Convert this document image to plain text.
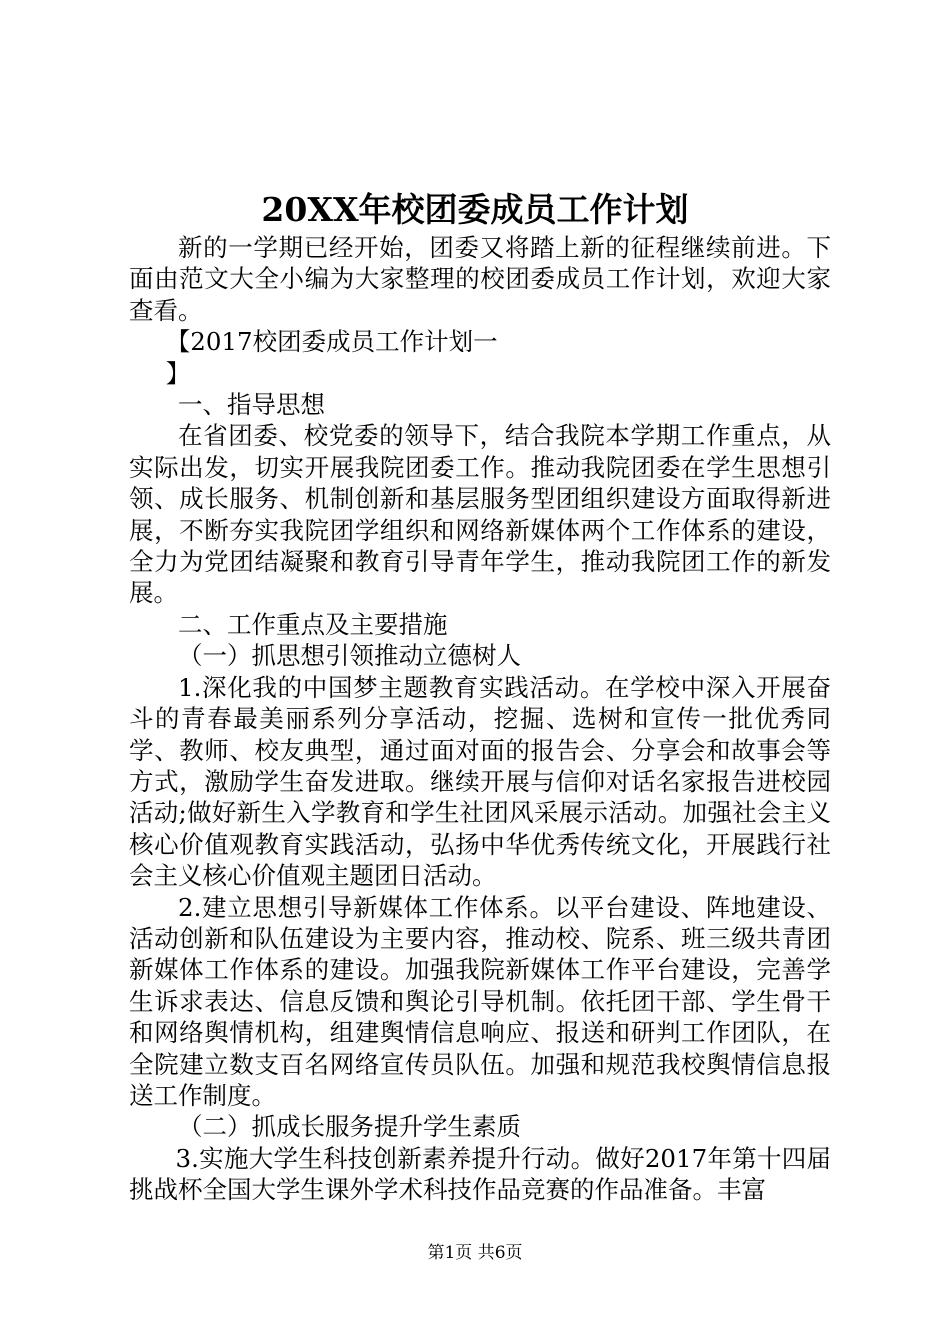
20XX年校团委成员工作计划

新的一学期已经开始，团委又将踏上新的征程继续前进。下面由范文大全小编为大家整理的校团委成员工作计划，欢迎大家查看。

【2017校团委成员工作计划一

】

一、指导思想

在省团委、校党委的领导下，结合我院本学期工作重点，从实际出发，切实开展我院团委工作。推动我院团委在学生思想引领、成长服务、机制创新和基层服务型团组织建设方面取得新进展，不断夯实我院团学组织和网络新媒体两个工作体系的建设，全力为党团结凝聚和教育引导青年学生，推动我院团工作的新发展。

二、工作重点及主要措施

（一）抓思想引领推动立德树人

1.深化我的中国梦主题教育实践活动。在学校中深入开展奋斗的青春最美丽系列分享活动，挖掘、选树和宣传一批优秀同学、教师、校友典型，通过面对面的报告会、分享会和故事会等方式，激励学生奋发进取。继续开展与信仰对话名家报告进校园活动;做好新生入学教育和学生社团风采展示活动。加强社会主义核心价值观教育实践活动，弘扬中华优秀传统文化，开展践行社会主义核心价值观主题团日活动。

2.建立思想引导新媒体工作体系。以平台建设、阵地建设、活动创新和队伍建设为主要内容，推动校、院系、班三级共青团新媒体工作体系的建设。加强我院新媒体工作平台建设，完善学生诉求表达、信息反馈和舆论引导机制。依托团干部、学生骨干和网络舆情机构，组建舆情信息响应、报送和研判工作团队，在全院建立数支百名网络宣传员队伍。加强和规范我校舆情信息报送工作制度。

（二）抓成长服务提升学生素质

3.实施大学生科技创新素养提升行动。做好2017年第十四届挑战杯全国大学生课外学术科技作品竞赛的作品准备。丰富

第1页 共6页
